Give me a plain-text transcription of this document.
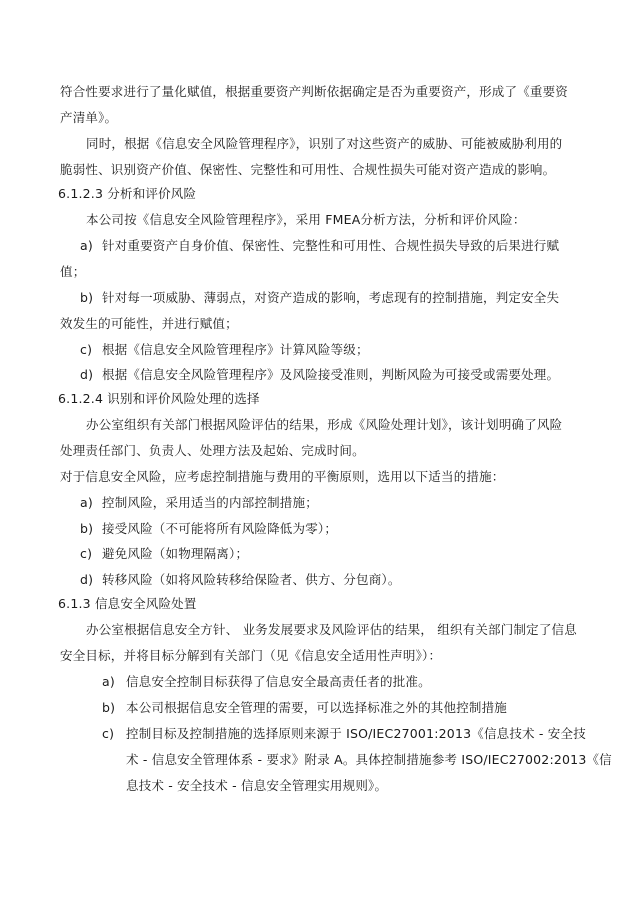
符合性要求进行了量化赋值，根据重要资产判断依据确定是否为重要资产，形成了《重要资
产清单》。
同时，根据《信息安全风险管理程序》，识别了对这些资产的威胁、可能被威胁利用的
脆弱性、识别资产价值、保密性、完整性和可用性、合规性损失可能对资产造成的影响。
6.1.2.3 分析和评价风险
本公司按《信息安全风险管理程序》，采用 FMEA分析方法，分析和评价风险：
a) 针对重要资产自身价值、保密性、完整性和可用性、合规性损失导致的后果进行赋
值；
b) 针对每一项威胁、薄弱点，对资产造成的影响，考虑现有的控制措施，判定安全失
效发生的可能性，并进行赋值；
c) 根据《信息安全风险管理程序》计算风险等级；
d) 根据《信息安全风险管理程序》及风险接受准则，判断风险为可接受或需要处理。
6.1.2.4 识别和评价风险处理的选择
办公室组织有关部门根据风险评估的结果，形成《风险处理计划》，该计划明确了风险
处理责任部门、负责人、处理方法及起始、完成时间。
对于信息安全风险，应考虑控制措施与费用的平衡原则，选用以下适当的措施：
a) 控制风险，采用适当的内部控制措施；
b) 接受风险（不可能将所有风险降低为零）；
c) 避免风险（如物理隔离）；
d) 转移风险（如将风险转移给保险者、供方、分包商）。
6.1.3 信息安全风险处置
办公室根据信息安全方针、 业务发展要求及风险评估的结果， 组织有关部门制定了信息
安全目标，并将目标分解到有关部门（见《信息安全适用性声明》）：
a) 信息安全控制目标获得了信息安全最高责任者的批准。
b) 本公司根据信息安全管理的需要，可以选择标准之外的其他控制措施
c) 控制目标及控制措施的选择原则来源于 ISO/IEC27001:2013《信息技术 - 安全技
术 - 信息安全管理体系 - 要求》附录 A。具体控制措施参考 ISO/IEC27002:2013《信
息技术 - 安全技术 - 信息安全管理实用规则》。
